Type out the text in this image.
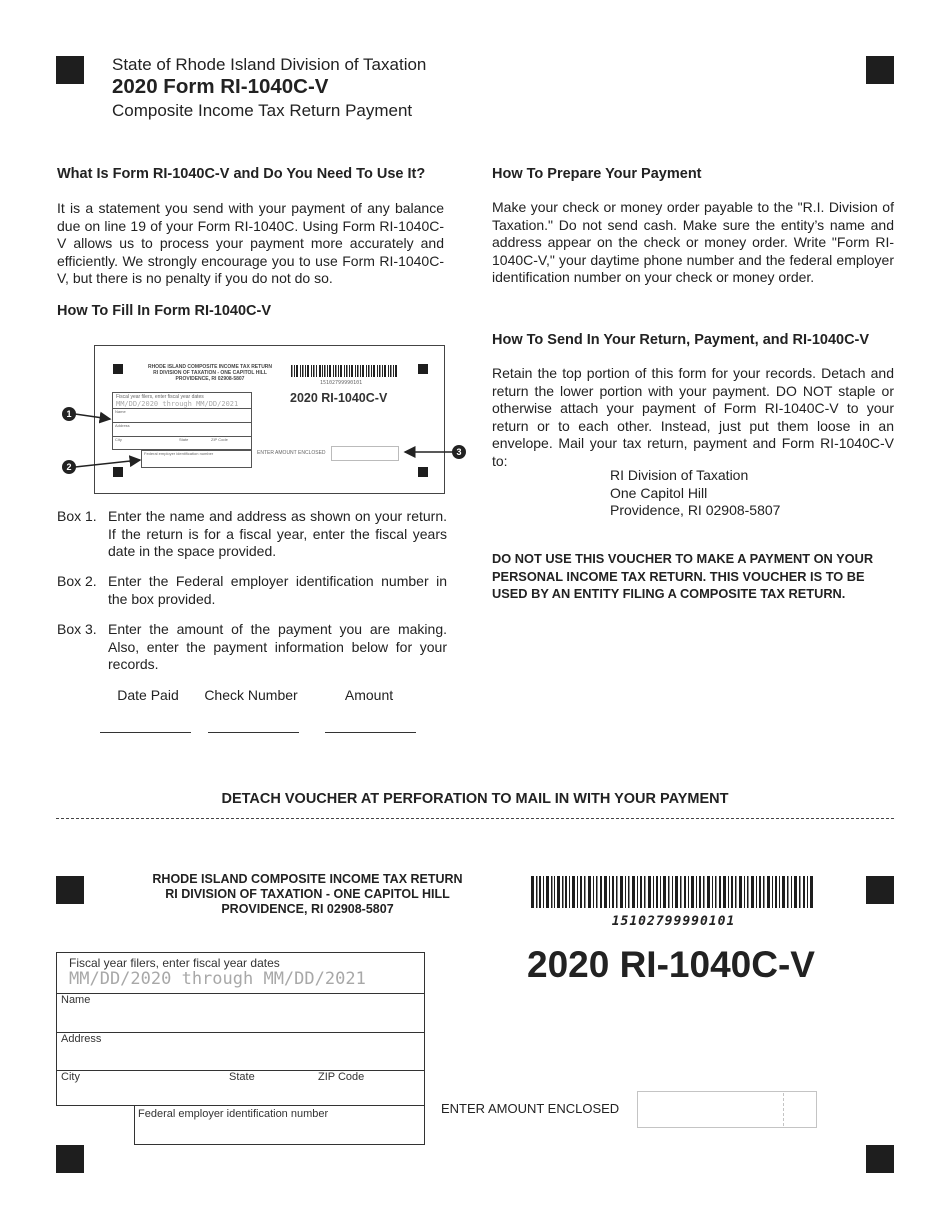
State of Rhode Island Division of Taxation
2020 Form RI-1040C-V
Composite Income Tax Return Payment
What Is Form RI-1040C-V and Do You Need To Use It?
It is a statement you send with your payment of any balance due on line 19 of your Form RI-1040C. Using Form RI-1040C-V allows us to process your payment more accurately and efficiently. We strongly encourage you to use Form RI-1040C-V, but there is no penalty if you do not do so.
How To Fill In Form RI-1040C-V
RHODE ISLAND COMPOSITE INCOME TAX RETURN
RI DIVISION OF TAXATION - ONE CAPITOL HILL
PROVIDENCE, RI 02908-5807
15102799990101
2020 RI-1040C-V
Fiscal year filers, enter fiscal year dates
MM/DD/2020 through MM/DD/2021
Name
Address
City	State	ZIP Code
Federal employer identification number	ENTER AMOUNT ENCLOSED
1
2
3
Box 1. Enter the name and address as shown on your return. If the return is for a fiscal year, enter the fiscal years date in the space provided.
Box 2. Enter the Federal employer identification number in the box provided.
Box 3. Enter the amount of the payment you are making. Also, enter the payment information below for your records.
Date Paid	Check Number	Amount
How To Prepare Your Payment
Make your check or money order payable to the "R.I. Division of Taxation." Do not send cash. Make sure the entity’s name and address appear on the check or money order. Write "Form RI-1040C-V," your daytime phone number and the federal employer identification number on your check or money order.
How To Send In Your Return, Payment, and RI-1040C-V
Retain the top portion of this form for your records. Detach and return the lower portion with your payment. DO NOT staple or otherwise attach your payment of Form RI-1040C-V to your return or to each other. Instead, just put them loose in an envelope. Mail your tax return, payment and Form RI-1040C-V to:
RI Division of Taxation
One Capitol Hill
Providence, RI 02908-5807
DO NOT USE THIS VOUCHER TO MAKE A PAYMENT ON YOUR PERSONAL INCOME TAX RETURN. THIS VOUCHER IS TO BE USED BY AN ENTITY FILING A COMPOSITE TAX RETURN.
DETACH VOUCHER AT PERFORATION TO MAIL IN WITH YOUR PAYMENT
RHODE ISLAND COMPOSITE INCOME TAX RETURN
RI DIVISION OF TAXATION - ONE CAPITOL HILL
PROVIDENCE, RI 02908-5807
15102799990101
2020 RI-1040C-V
Fiscal year filers, enter fiscal year dates
MM/DD/2020 through MM/DD/2021
Name
Address
City	State	ZIP Code
Federal employer identification number	ENTER AMOUNT ENCLOSED
